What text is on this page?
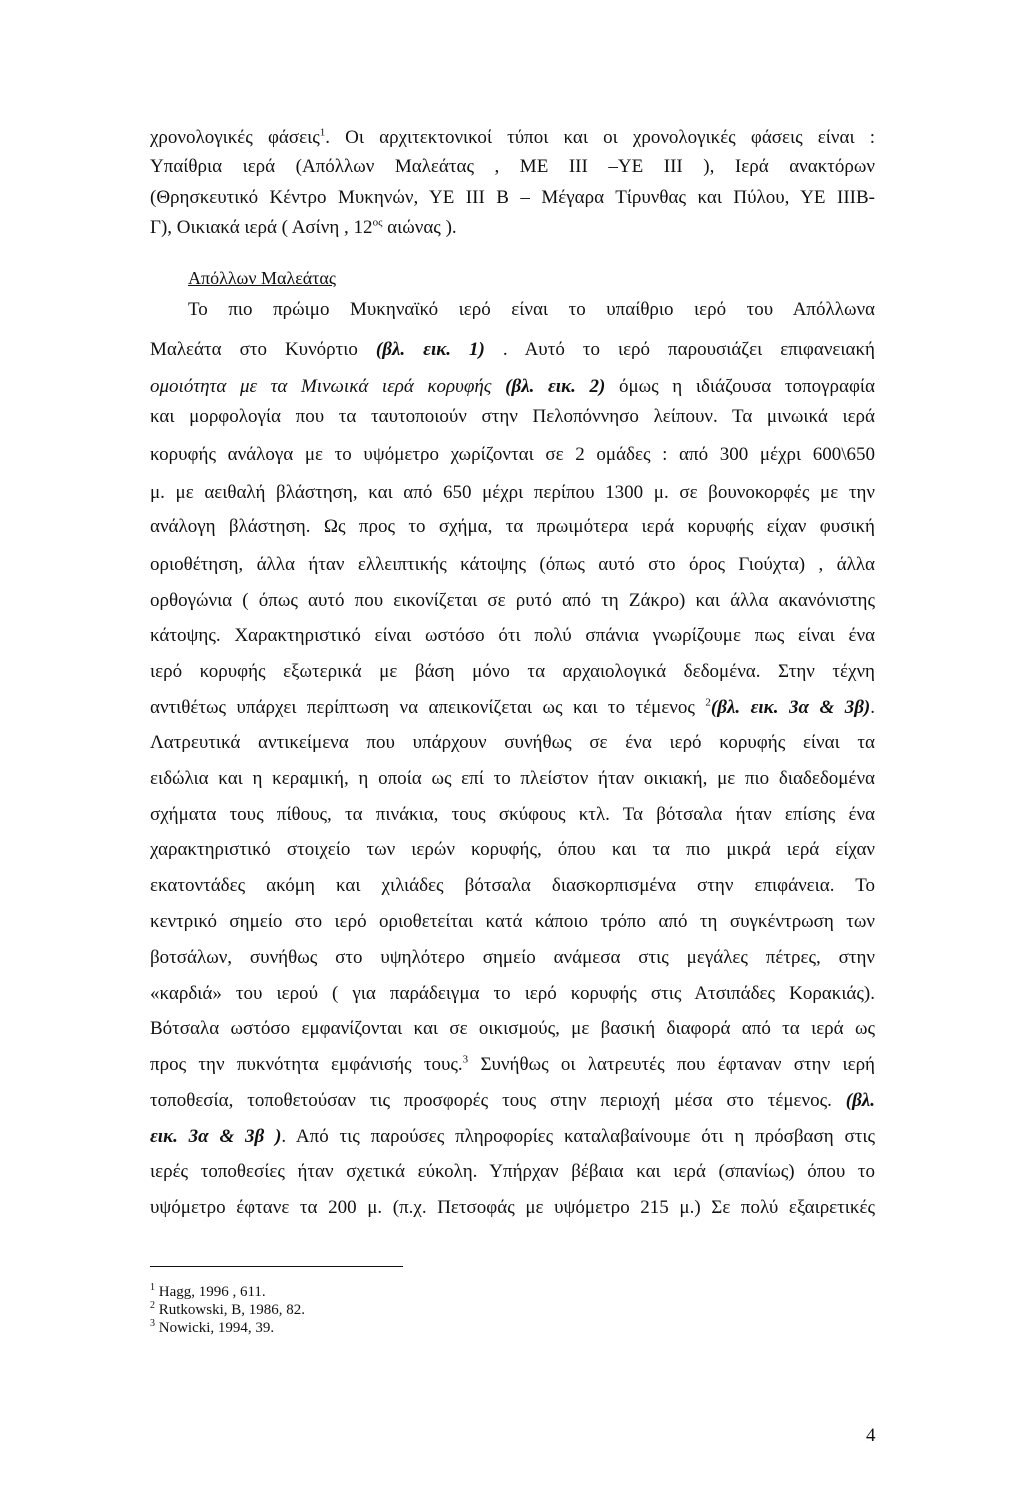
χρονολογικές φάσεις$^1$. Οι αρχιτεκτονικοί τύποι και οι χρονολογικές φάσεις είναι :
Υπαίθρια ιερά (Απόλλων Μαλεάτας , ΜΕ ΙΙΙ –ΥΕ ΙΙΙ ), Ιερά ανακτόρων
(Θρησκευτικό Κέντρο Μυκηνών, ΥΕ ΙΙΙ Β – Μέγαρα Τίρυνθας και Πύλου, ΥΕ ΙΙΙΒ-
Γ), Οικιακά ιερά ( Ασίνη , $12^{o\varsigma}$ αιώνας ).
Απόλλων Μαλεάτας
Το πιο πρώιμο Μυκηναϊκό ιερό είναι το υπαίθριο ιερό του Απόλλωνα
Μαλεάτα στο Κυνόρτιο (βλ. εικ. 1) . Αυτό το ιερό παρουσιάζει επιφανειακή
ομοιότητα με τα Μινωικά ιερά κορυφής (βλ. εικ. 2) όμως η ιδιάζουσα τοπογραφία
και μορφολογία που τα ταυτοποιούν στην Πελοπόννησο λείπουν. Τα μινωικά ιερά
κορυφής ανάλογα με το υψόμετρο χωρίζονται σε 2 ομάδες : από 300 μέχρι 600\650
μ. με αειθαλή βλάστηση, και από 650 μέχρι περίπου 1300 μ. σε βουνοκορφές με την
ανάλογη βλάστηση. Ως προς το σχήμα, τα πρωιμότερα ιερά κορυφής είχαν φυσική
οριοθέτηση, άλλα ήταν ελλειπτικής κάτοψης (όπως αυτό στο όρος Γιούχτα) , άλλα
ορθογώνια ( όπως αυτό που εικονίζεται σε ρυτό από τη Ζάκρο) και άλλα ακανόνιστης
κάτοψης. Χαρακτηριστικό είναι ωστόσο ότι πολύ σπάνια γνωρίζουμε πως είναι ένα
ιερό κορυφής εξωτερικά με βάση μόνο τα αρχαιολογικά δεδομένα. Στην τέχνη
αντιθέτως υπάρχει περίπτωση να απεικονίζεται ως και το τέμενος $^2$(βλ. εικ. 3α & 3β).
Λατρευτικά αντικείμενα που υπάρχουν συνήθως σε ένα ιερό κορυφής είναι τα
ειδώλια και η κεραμική, η οποία ως επί το πλείστον ήταν οικιακή, με πιο διαδεδομένα
σχήματα τους πίθους, τα πινάκια, τους σκύφους κτλ. Τα βότσαλα ήταν επίσης ένα
χαρακτηριστικό στοιχείο των ιερών κορυφής, όπου και τα πιο μικρά ιερά είχαν
εκατοντάδες ακόμη και χιλιάδες βότσαλα διασκορπισμένα στην επιφάνεια. Το
κεντρικό σημείο στο ιερό οριοθετείται κατά κάποιο τρόπο από τη συγκέντρωση των
βοτσάλων, συνήθως στο υψηλότερο σημείο ανάμεσα στις μεγάλες πέτρες, στην
«καρδιά» του ιερού ( για παράδειγμα το ιερό κορυφής στις Ατσιπάδες Κορακιάς).
Βότσαλα ωστόσο εμφανίζονται και σε οικισμούς, με βασική διαφορά από τα ιερά ως
προς την πυκνότητα εμφάνισής τους.$^3$ Συνήθως οι λατρευτές που έφταναν στην ιερή
τοποθεσία, τοποθετούσαν τις προσφορές τους στην περιοχή μέσα στο τέμενος. (βλ.
εικ. 3α & 3β ). Από τις παρούσες πληροφορίες καταλαβαίνουμε ότι η πρόσβαση στις
ιερές τοποθεσίες ήταν σχετικά εύκολη. Υπήρχαν βέβαια και ιερά (σπανίως) όπου το
υψόμετρο έφτανε τα 200 μ. (π.χ. Πετσοφάς με υψόμετρο 215 μ.) Σε πολύ εξαιρετικές
$^1$ Hagg, 1996 , 611.
$^2$ Rutkowski, B, 1986, 82.
$^3$ Nowicki, 1994, 39.
4
